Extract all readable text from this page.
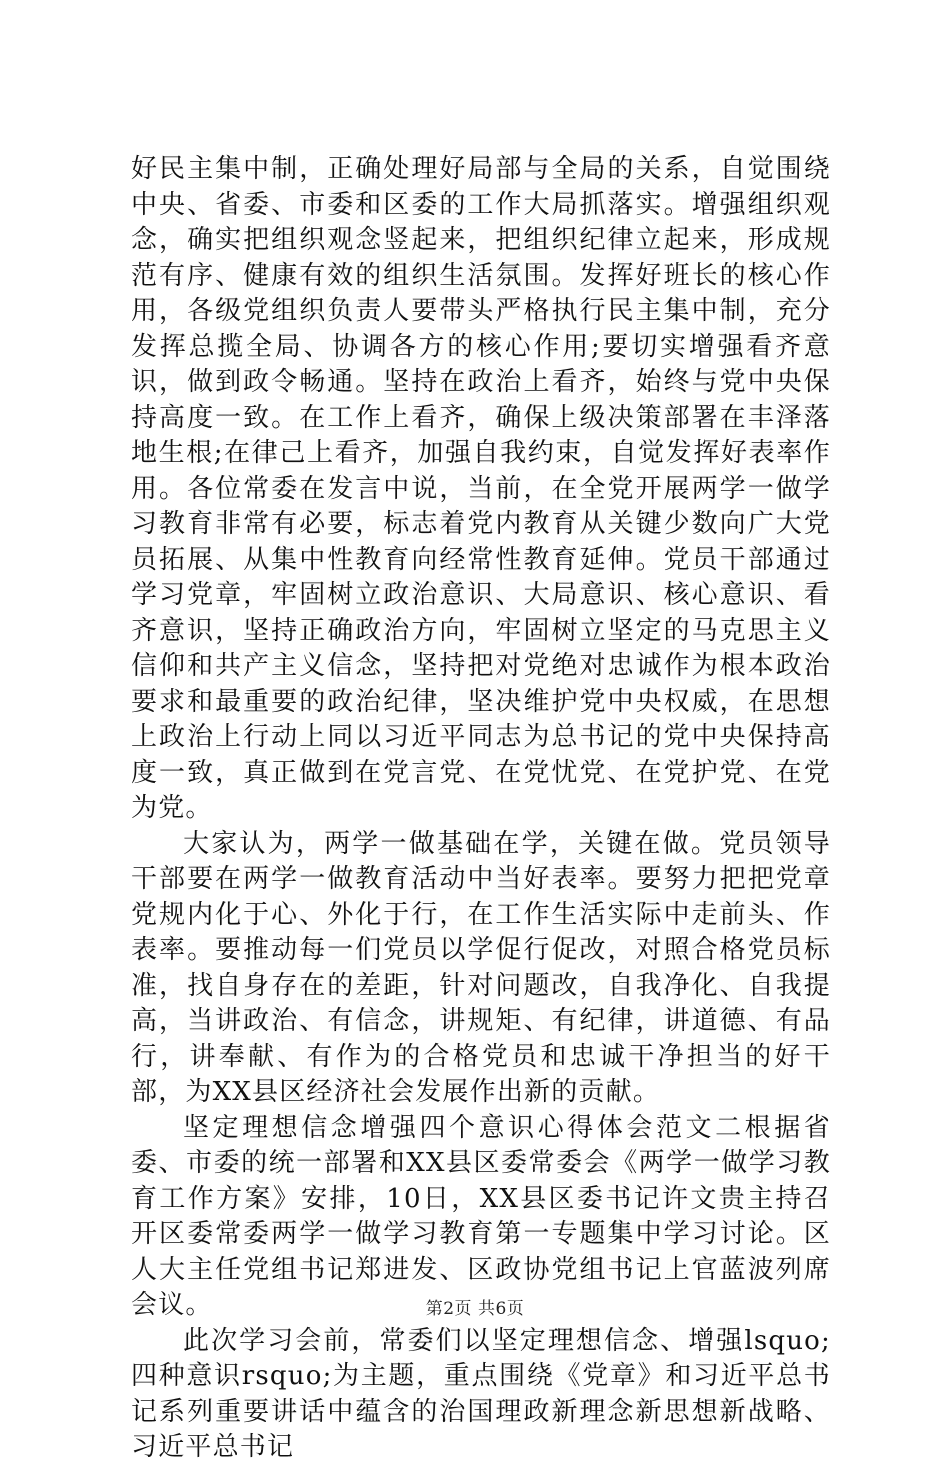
好民主集中制，正确处理好局部与全局的关系，自觉围绕中央、省委、市委和区委的工作大局抓落实。增强组织观念，确实把组织观念竖起来，把组织纪律立起来，形成规范有序、健康有效的组织生活氛围。发挥好班长的核心作用，各级党组织负责人要带头严格执行民主集中制，充分发挥总揽全局、协调各方的核心作用;要切实增强看齐意识，做到政令畅通。坚持在政治上看齐，始终与党中央保持高度一致。在工作上看齐，确保上级决策部署在丰泽落地生根;在律己上看齐，加强自我约束，自觉发挥好表率作用。各位常委在发言中说，当前，在全党开展两学一做学习教育非常有必要，标志着党内教育从关键少数向广大党员拓展、从集中性教育向经常性教育延伸。党员干部通过学习党章，牢固树立政治意识、大局意识、核心意识、看齐意识，坚持正确政治方向，牢固树立坚定的马克思主义信仰和共产主义信念，坚持把对党绝对忠诚作为根本政治要求和最重要的政治纪律，坚决维护党中央权威，在思想上政治上行动上同以习近平同志为总书记的党中央保持高度一致，真正做到在党言党、在党忧党、在党护党、在党为党。

大家认为，两学一做基础在学，关键在做。党员领导干部要在两学一做教育活动中当好表率。要努力把把党章党规内化于心、外化于行，在工作生活实际中走前头、作表率。要推动每一们党员以学促行促改，对照合格党员标准，找自身存在的差距，针对问题改，自我净化、自我提高，当讲政治、有信念，讲规矩、有纪律，讲道德、有品行，讲奉献、有作为的合格党员和忠诚干净担当的好干部，为XX县区经济社会发展作出新的贡献。

坚定理想信念增强四个意识心得体会范文二根据省委、市委的统一部署和XX县区委常委会《两学一做学习教育工作方案》安排，10日，XX县区委书记许文贵主持召开区委常委两学一做学习教育第一专题集中学习讨论。区人大主任党组书记郑进发、区政协党组书记上官蓝波列席会议。

此次学习会前，常委们以坚定理想信念、增强lsquo;四种意识rsquo;为主题，重点围绕《党章》和习近平总书记系列重要讲话中蕴含的治国理政新理念新思想新战略、习近平总书记

第2页 共6页
